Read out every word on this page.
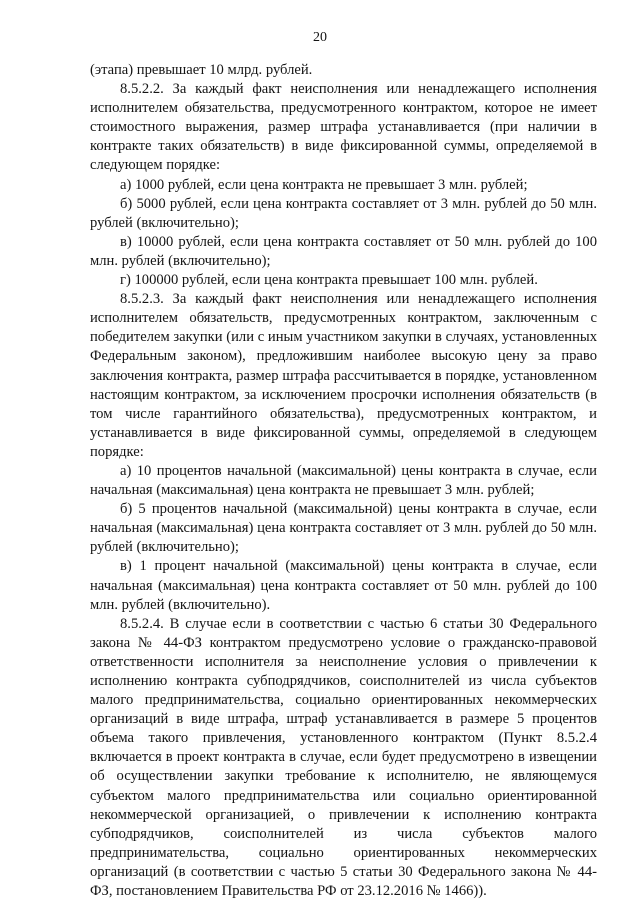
20

(этапа) превышает 10 млрд. рублей.

8.5.2.2. За каждый факт неисполнения или ненадлежащего исполнения исполнителем обязательства, предусмотренного контрактом, которое не имеет стоимостного выражения, размер штрафа устанавливается (при наличии в контракте таких обязательств) в виде фиксированной суммы, определяемой в следующем порядке:

а) 1000 рублей, если цена контракта не превышает 3 млн. рублей;

б) 5000 рублей, если цена контракта составляет от 3 млн. рублей до 50 млн. рублей (включительно);

в) 10000 рублей, если цена контракта составляет от 50 млн. рублей до 100 млн. рублей (включительно);

г) 100000 рублей, если цена контракта превышает 100 млн. рублей.

8.5.2.3. За каждый факт неисполнения или ненадлежащего исполнения исполнителем обязательств, предусмотренных контрактом, заключенным с победителем закупки (или с иным участником закупки в случаях, установленных Федеральным законом), предложившим наиболее высокую цену за право заключения контракта, размер штрафа рассчитывается в порядке, установленном настоящим контрактом, за исключением просрочки исполнения обязательств (в том числе гарантийного обязательства), предусмотренных контрактом, и устанавливается в виде фиксированной суммы, определяемой в следующем порядке:

а) 10 процентов начальной (максимальной) цены контракта в случае, если начальная (максимальная) цена контракта не превышает 3 млн. рублей;

б) 5 процентов начальной (максимальной) цены контракта в случае, если начальная (максимальная) цена контракта составляет от 3 млн. рублей до 50 млн. рублей (включительно);

в) 1 процент начальной (максимальной) цены контракта в случае, если начальная (максимальная) цена контракта составляет от 50 млн. рублей до 100 млн. рублей (включительно).

8.5.2.4. В случае если в соответствии с частью 6 статьи 30 Федерального закона № 44-ФЗ контрактом предусмотрено условие о гражданско-правовой ответственности исполнителя за неисполнение условия о привлечении к исполнению контракта субподрядчиков, соисполнителей из числа субъектов малого предпринимательства, социально ориентированных некоммерческих организаций в виде штрафа, штраф устанавливается в размере 5 процентов объема такого привлечения, установленного контрактом (Пункт 8.5.2.4 включается в проект контракта в случае, если будет предусмотрено в извещении об осуществлении закупки требование к исполнителю, не являющемуся субъектом малого предпринимательства или социально ориентированной некоммерческой организацией, о привлечении к исполнению контракта субподрядчиков, соисполнителей из числа субъектов малого предпринимательства, социально ориентированных некоммерческих организаций (в соответствии с частью 5 статьи 30 Федерального закона № 44-ФЗ, постановлением Правительства РФ от 23.12.2016 № 1466)).
